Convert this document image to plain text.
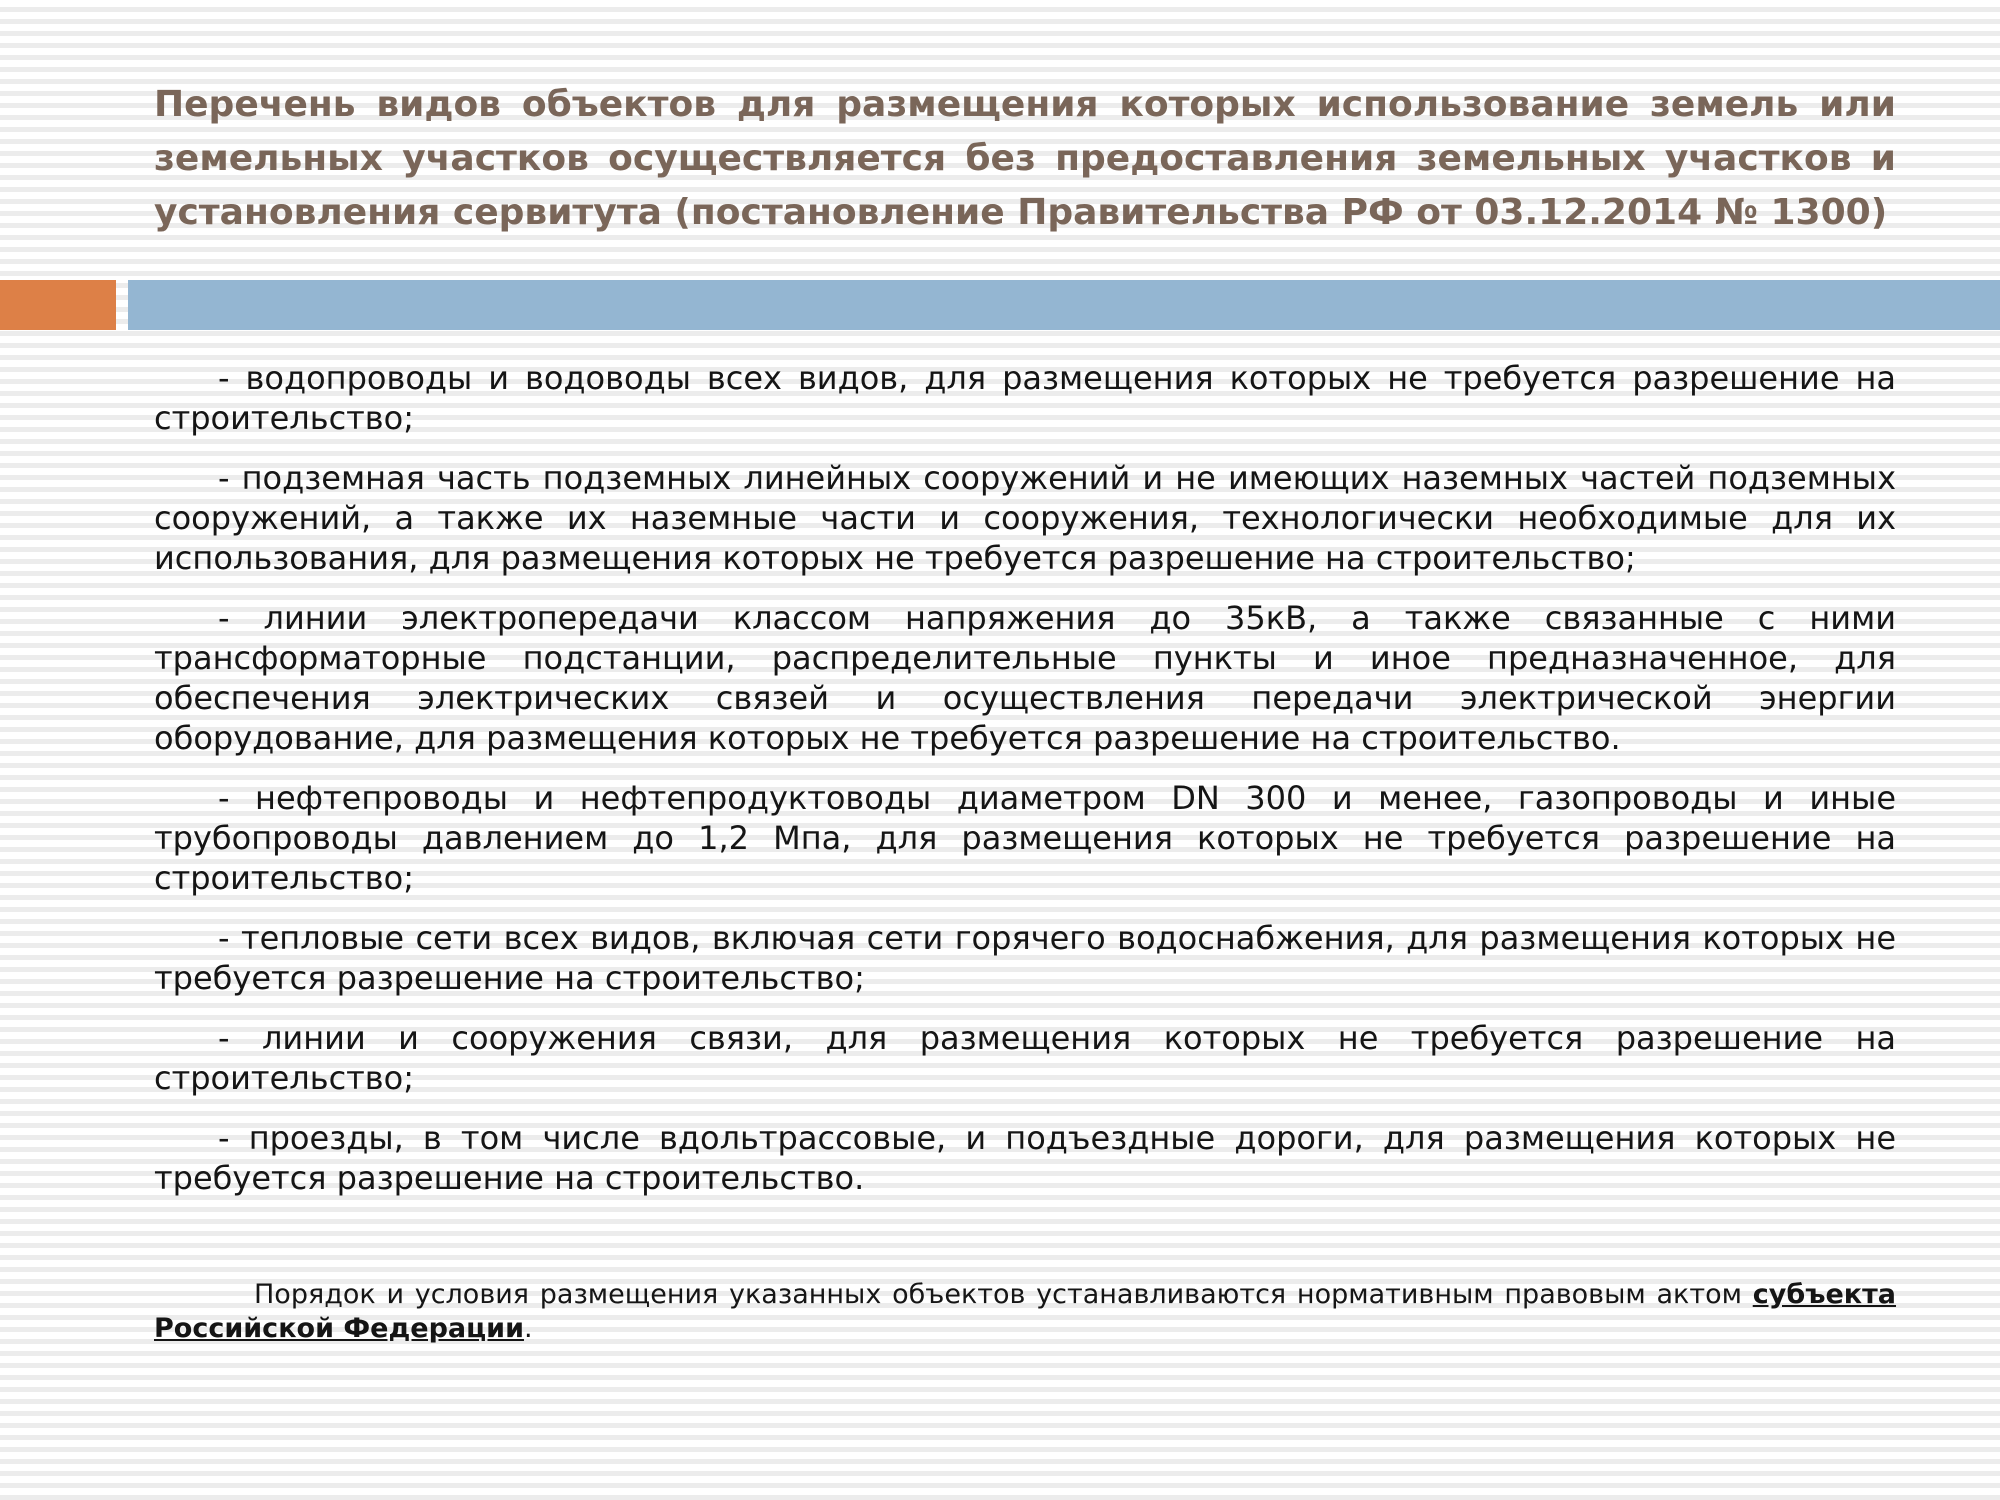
Перечень видов объектов для размещения которых использование земель или земельных участков осуществляется без предоставления земельных участков и установления сервитута (постановление Правительства РФ от 03.12.2014 № 1300)

- водопроводы и водоводы всех видов, для размещения которых не требуется разрешение на строительство;

- подземная часть подземных линейных сооружений и не имеющих наземных частей подземных сооружений, а также их наземные части и сооружения, технологически необходимые для их использования, для размещения которых не требуется разрешение на строительство;

- линии электропередачи классом напряжения до 35кВ, а также связанные с ними трансформаторные подстанции, распределительные пункты и иное предназначенное, для обеспечения электрических связей и осуществления передачи электрической энергии оборудование, для размещения которых не требуется разрешение на строительство.

- нефтепроводы и нефтепродуктоводы диаметром DN 300 и менее, газопроводы и иные трубопроводы давлением до 1,2 Мпа, для размещения которых не требуется разрешение на строительство;

- тепловые сети всех видов, включая сети горячего водоснабжения, для размещения которых не требуется разрешение на строительство;

- линии и сооружения связи, для размещения которых не требуется разрешение на строительство;

- проезды, в том числе вдольтрассовые, и подъездные дороги, для размещения которых не требуется разрешение на строительство.

Порядок и условия размещения указанных объектов устанавливаются нормативным правовым актом субъекта Российской Федерации.
